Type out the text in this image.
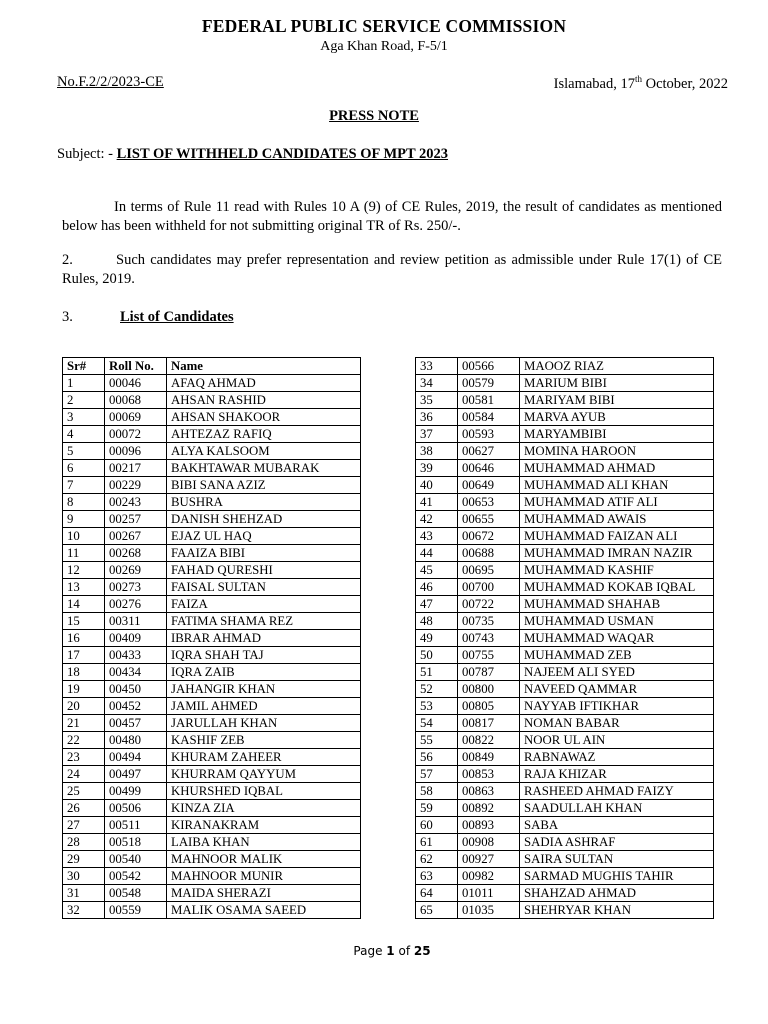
FEDERAL PUBLIC SERVICE COMMISSION
Aga Khan Road, F-5/1
No.F.2/2/2023-CE	Islamabad, 17th October, 2022
PRESS NOTE
Subject: - LIST OF WITHHELD CANDIDATES OF MPT 2023
In terms of Rule 11 read with Rules 10 A (9) of CE Rules, 2019, the result of candidates as mentioned below has been withheld for not submitting original TR of Rs. 250/-.
2.	Such candidates may prefer representation and review petition as admissible under Rule 17(1) of CE Rules, 2019.
3.	List of Candidates
Sr#	Roll No.	Name
1	00046	AFAQ AHMAD
2	00068	AHSAN RASHID
3	00069	AHSAN SHAKOOR
4	00072	AHTEZAZ RAFIQ
5	00096	ALYA KALSOOM
6	00217	BAKHTAWAR MUBARAK
7	00229	BIBI SANA AZIZ
8	00243	BUSHRA
9	00257	DANISH SHEHZAD
10	00267	EJAZ UL HAQ
11	00268	FAAIZA BIBI
12	00269	FAHAD QURESHI
13	00273	FAISAL SULTAN
14	00276	FAIZA
15	00311	FATIMA SHAMA REZ
16	00409	IBRAR AHMAD
17	00433	IQRA SHAH TAJ
18	00434	IQRA ZAIB
19	00450	JAHANGIR KHAN
20	00452	JAMIL AHMED
21	00457	JARULLAH KHAN
22	00480	KASHIF ZEB
23	00494	KHURAM ZAHEER
24	00497	KHURRAM QAYYUM
25	00499	KHURSHED IQBAL
26	00506	KINZA ZIA
27	00511	KIRANAKRAM
28	00518	LAIBA KHAN
29	00540	MAHNOOR MALIK
30	00542	MAHNOOR MUNIR
31	00548	MAIDA SHERAZI
32	00559	MALIK OSAMA SAEED
33	00566	MAOOZ RIAZ
34	00579	MARIUM BIBI
35	00581	MARIYAM BIBI
36	00584	MARVA AYUB
37	00593	MARYAMBIBI
38	00627	MOMINA HAROON
39	00646	MUHAMMAD AHMAD
40	00649	MUHAMMAD ALI KHAN
41	00653	MUHAMMAD ATIF ALI
42	00655	MUHAMMAD AWAIS
43	00672	MUHAMMAD FAIZAN ALI
44	00688	MUHAMMAD IMRAN NAZIR
45	00695	MUHAMMAD KASHIF
46	00700	MUHAMMAD KOKAB IQBAL
47	00722	MUHAMMAD SHAHAB
48	00735	MUHAMMAD USMAN
49	00743	MUHAMMAD WAQAR
50	00755	MUHAMMAD ZEB
51	00787	NAJEEM ALI SYED
52	00800	NAVEED QAMMAR
53	00805	NAYYAB IFTIKHAR
54	00817	NOMAN BABAR
55	00822	NOOR UL AIN
56	00849	RABNAWAZ
57	00853	RAJA KHIZAR
58	00863	RASHEED AHMAD FAIZY
59	00892	SAADULLAH KHAN
60	00893	SABA
61	00908	SADIA ASHRAF
62	00927	SAIRA SULTAN
63	00982	SARMAD MUGHIS TAHIR
64	01011	SHAHZAD AHMAD
65	01035	SHEHRYAR KHAN
Page 1 of 25
